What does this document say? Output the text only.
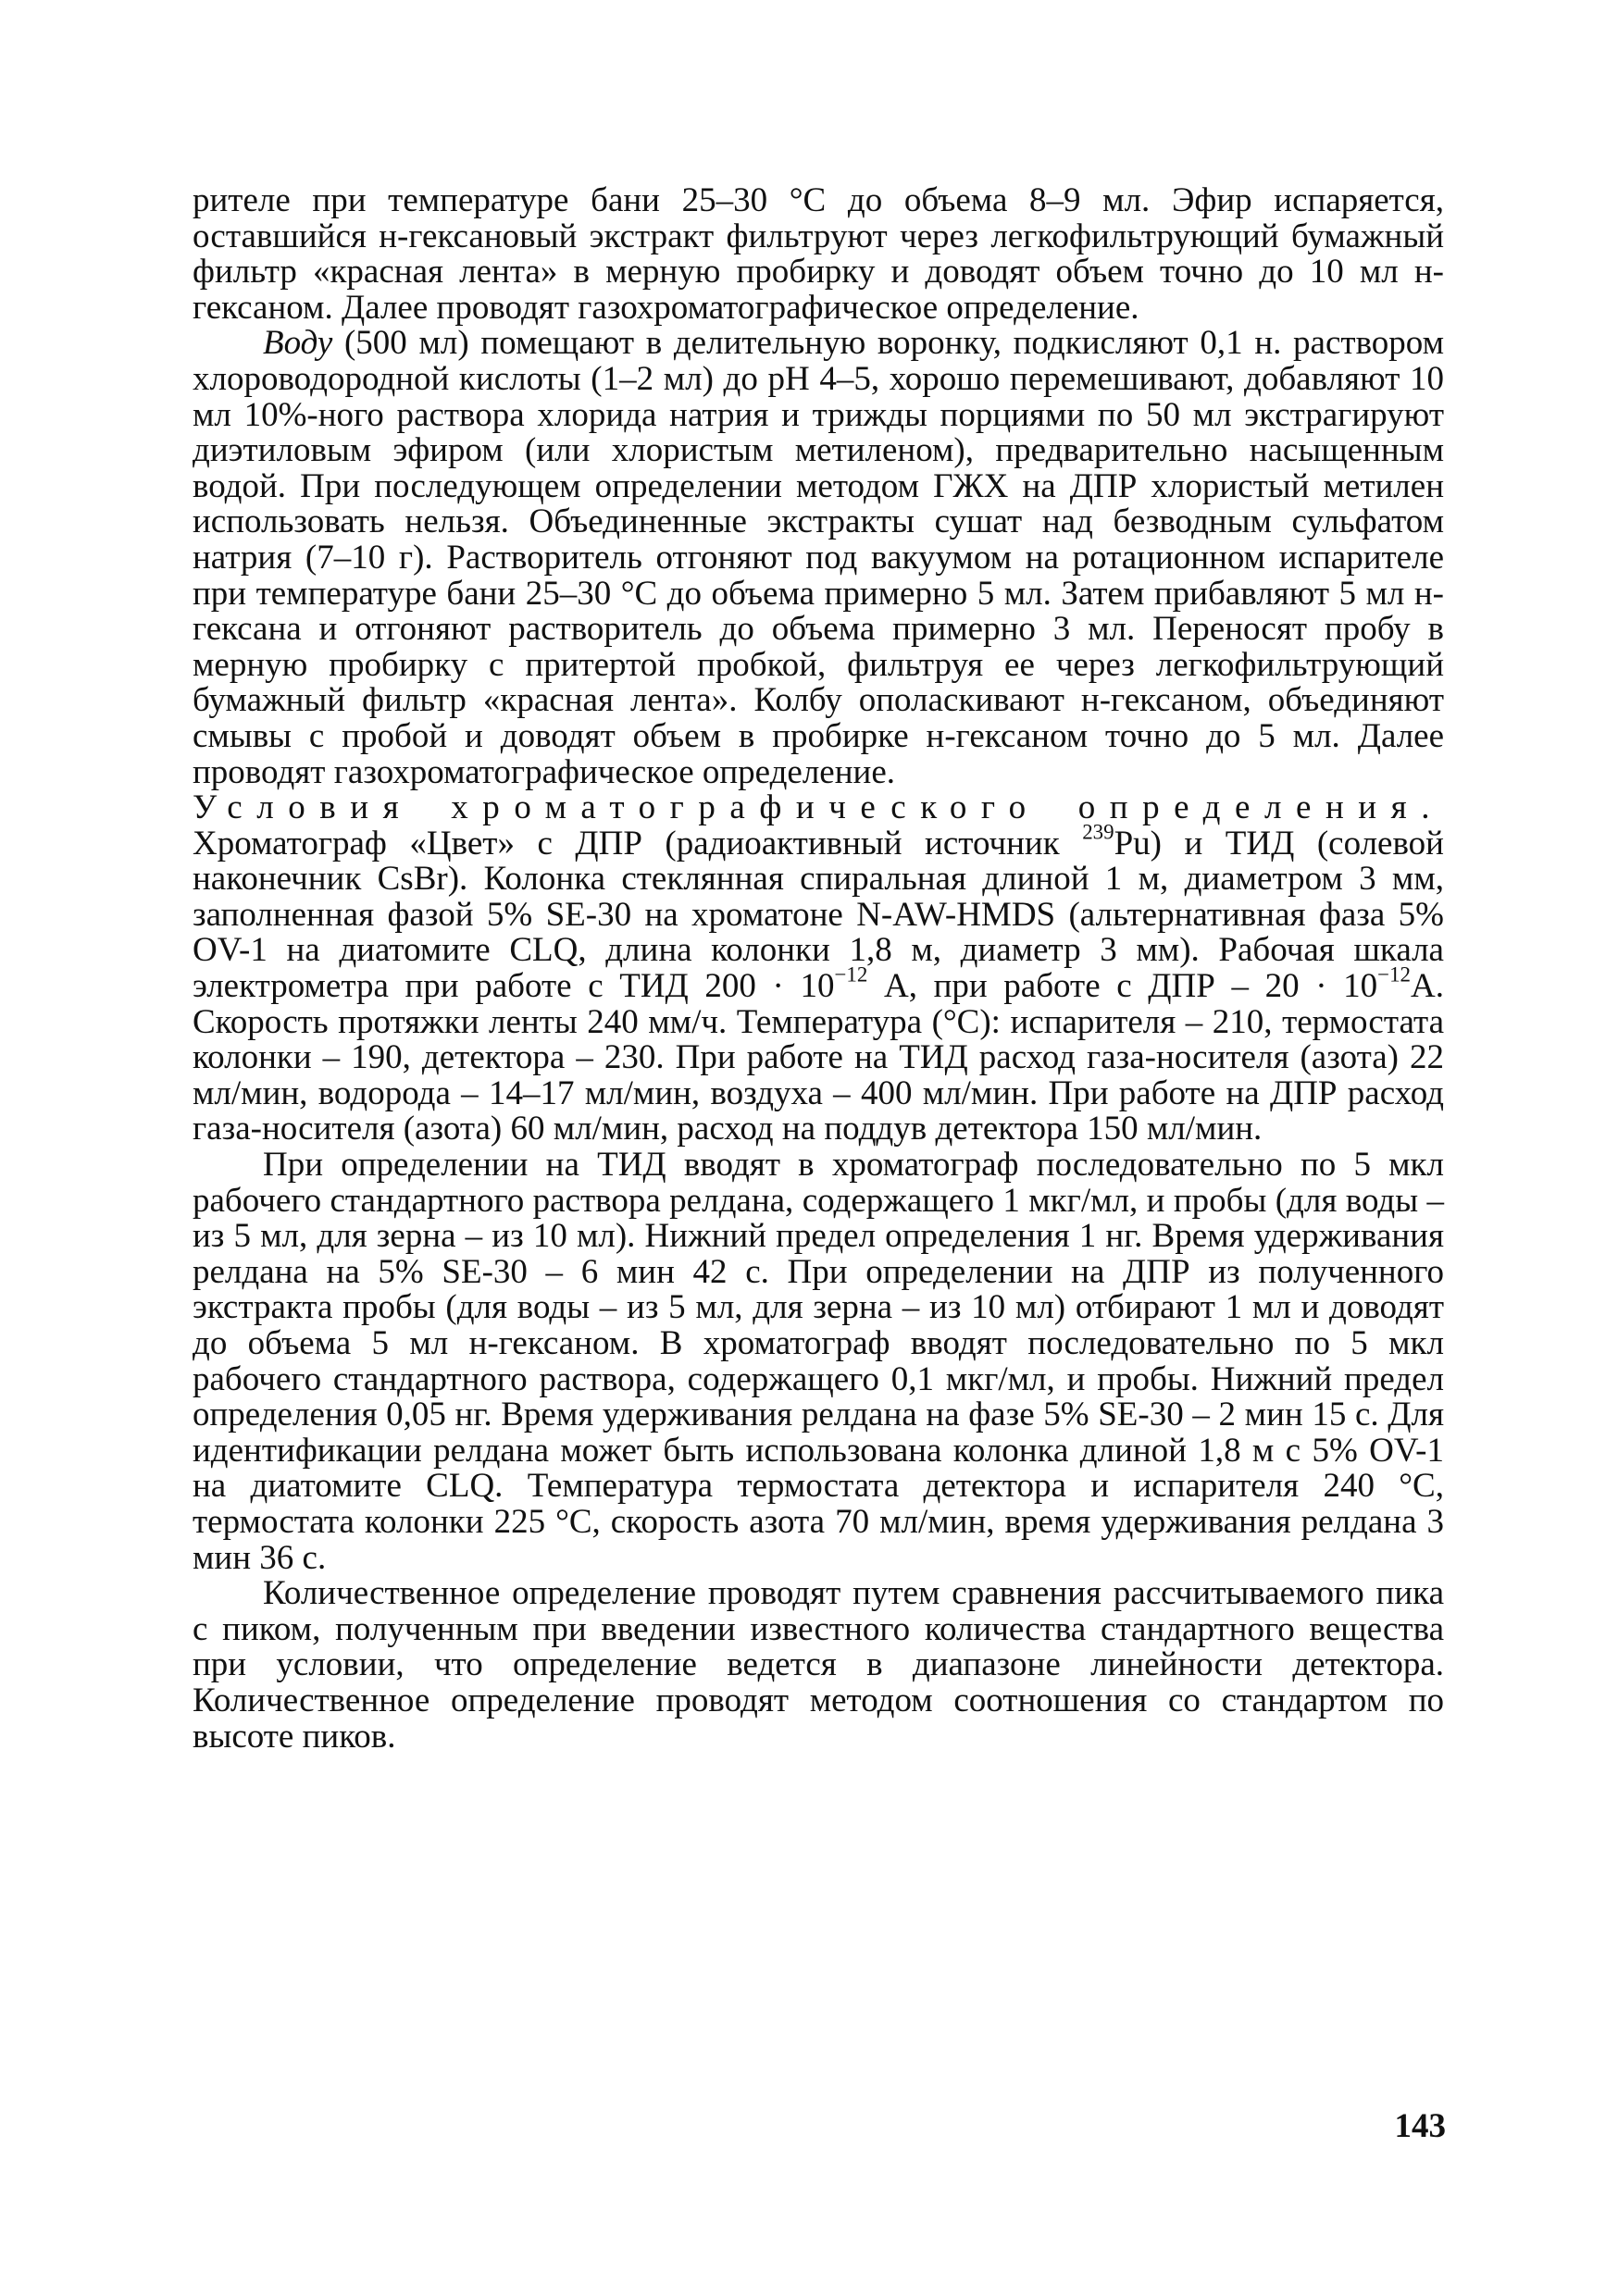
рителе при температуре бани 25–30 °С до объема 8–9 мл. Эфир испаряется, оставшийся н-гексановый экстракт фильтруют через легкофильтрующий бумажный фильтр «красная лента» в мерную пробирку и доводят объем точно до 10 мл н-гексаном. Далее проводят газохроматографическое определение.

Воду (500 мл) помещают в делительную воронку, подкисляют 0,1 н. раствором хлороводородной кислоты (1–2 мл) до pH 4–5, хорошо перемешивают, добавляют 10 мл 10%-ного раствора хлорида натрия и трижды порциями по 50 мл экстрагируют диэтиловым эфиром (или хлористым метиленом), предварительно насыщенным водой. При последующем определении методом ГЖХ на ДПР хлористый метилен использовать нельзя. Объединенные экстракты сушат над безводным сульфатом натрия (7–10 г). Растворитель отгоняют под вакуумом на ротационном испарителе при температуре бани 25–30 °С до объема примерно 5 мл. Затем прибавляют 5 мл н-гексана и отгоняют растворитель до объема примерно 3 мл. Переносят пробу в мерную пробирку с притертой пробкой, фильтруя ее через легкофильтрующий бумажный фильтр «красная лента». Колбу ополаскивают н-гексаном, объединяют смывы с пробой и доводят объем в пробирке н-гексаном точно до 5 мл. Далее проводят газохроматографическое определение.

Условия хроматографического определения. Хроматограф «Цвет» с ДПР (радиоактивный источник $^{239}$Pu) и ТИД (солевой наконечник CsBr). Колонка стеклянная спиральная длиной 1 м, диаметром 3 мм, заполненная фазой 5% SE-30 на хроматоне N-AW-HMDS (альтернативная фаза 5% OV-1 на диатомите CLQ, длина колонки 1,8 м, диаметр 3 мм). Рабочая шкала электрометра при работе с ТИД $200 \cdot 10^{-12}$ А, при работе с ДПР – $20 \cdot 10^{-12}А$. Скорость протяжки ленты 240 мм/ч. Температура (°С): испарителя – 210, термостата колонки – 190, детектора – 230. При работе на ТИД расход газа-носителя (азота) 22 мл/мин, водорода – 14–17 мл/мин, воздуха – 400 мл/мин. При работе на ДПР расход газа-носителя (азота) 60 мл/мин, расход на поддув детектора 150 мл/мин.

При определении на ТИД вводят в хроматограф последовательно по 5 мкл рабочего стандартного раствора релдана, содержащего 1 мкг/мл, и пробы (для воды – из 5 мл, для зерна – из 10 мл). Нижний предел определения 1 нг. Время удерживания релдана на 5% SE-30 – 6 мин 42 с. При определении на ДПР из полученного экстракта пробы (для воды – из 5 мл, для зерна – из 10 мл) отбирают 1 мл и доводят до объема 5 мл н-гексаном. В хроматограф вводят последовательно по 5 мкл рабочего стандартного раствора, содержащего 0,1 мкг/мл, и пробы. Нижний предел определения 0,05 нг. Время удерживания релдана на фазе 5% SE-30 – 2 мин 15 с. Для идентификации релдана может быть использована колонка длиной 1,8 м с 5% OV-1 на диатомите CLQ. Температура термостата детектора и испарителя 240 °С, термостата колонки 225 °С, скорость азота 70 мл/мин, время удерживания релдана 3 мин 36 с.

Количественное определение проводят путем сравнения рассчитываемого пика с пиком, полученным при введении известного количества стандартного вещества при условии, что определение ведется в диапазоне линейности детектора. Количественное определение проводят методом соотношения со стандартом по высоте пиков.

143
